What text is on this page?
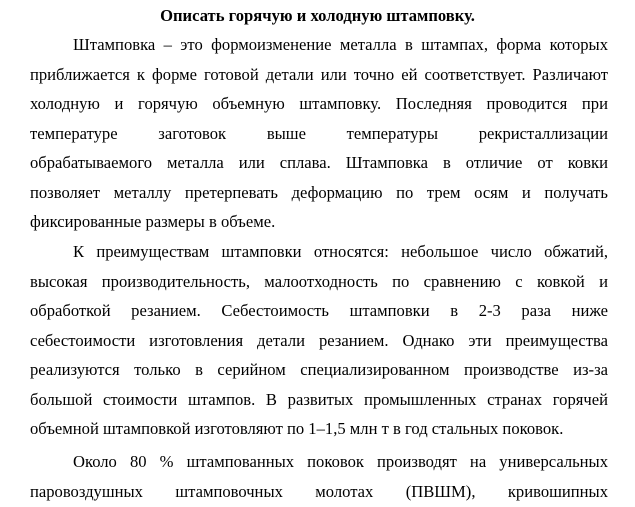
Описать горячую и холодную штамповку.

Штамповка – это формоизменение металла в штампах, форма которых

приближается к форме готовой детали или точно ей соответствует. Различают

холодную и горячую объемную штамповку. Последняя проводится при

температуре заготовок выше температуры рекристаллизации

обрабатываемого металла или сплава. Штамповка в отличие от ковки

позволяет металлу претерпевать деформацию по трем осям и получать

фиксированные размеры в объеме.

К преимуществам штамповки относятся: небольшое число обжатий,

высокая производительность, малоотходность по сравнению с ковкой и

обработкой резанием. Себестоимость штамповки в 2-3 раза ниже

себестоимости изготовления детали резанием. Однако эти преимущества

реализуются только в серийном специализированном производстве из-за

большой стоимости штампов. В развитых промышленных странах горячей

объемной штамповкой изготовляют по 1–1,5 млн т в год стальных поковок.

Около 80 % штампованных поковок производят на универсальных

паровоздушных штамповочных молотах (ПВШМ), кривошипных
